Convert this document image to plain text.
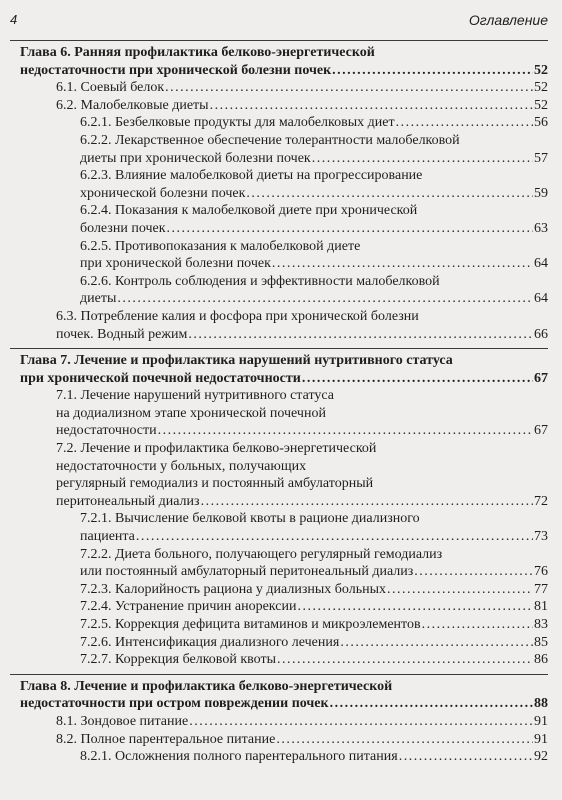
4	Оглавление
Глава 6. Ранняя профилактика белково-энергетической
недостаточности при хронической болезни почек . . .	52
6.1. Соевый белок . . .	52
6.2. Малобелковые диеты . . .	52
6.2.1. Безбелковые продукты для малобелковых диет . . .	56
6.2.2. Лекарственное обеспечение толерантности малобелковой
диеты при хронической болезни почек . . .	57
6.2.3. Влияние малобелковой диеты на прогрессирование
хронической болезни почек . . .	59
6.2.4. Показания к малобелковой диете при хронической
болезни почек . . .	63
6.2.5. Противопоказания к малобелковой диете
при хронической болезни почек . . .	64
6.2.6. Контроль соблюдения и эффективности малобелковой
диеты . . .	64
6.3. Потребление калия и фосфора при хронической болезни
почек. Водный режим . . .	66
Глава 7. Лечение и профилактика нарушений нутритивного статуса
при хронической почечной недостаточности . . .	67
7.1. Лечение нарушений нутритивного статуса
на додиализном этапе хронической почечной
недостаточности . . .	67
7.2. Лечение и профилактика белково-энергетической
недостаточности у больных, получающих
регулярный гемодиализ и постоянный амбулаторный
перитонеальный диализ . . .	72
7.2.1. Вычисление белковой квоты в рационе диализного
пациента . . .	73
7.2.2. Диета больного, получающего регулярный гемодиализ
или постоянный амбулаторный перитонеальный диализ . . .	76
7.2.3. Калорийность рациона у диализных больных . . .	77
7.2.4. Устранение причин анорексии . . .	81
7.2.5. Коррекция дефицита витаминов и микроэлементов . . .	83
7.2.6. Интенсификация диализного лечения . . .	85
7.2.7. Коррекция белковой квоты . . .	86
Глава 8. Лечение и профилактика белково-энергетической
недостаточности при остром повреждении почек . . .	88
8.1. Зондовое питание . . .	91
8.2. Полное парентеральное питание . . .	91
8.2.1. Осложнения полного парентерального питания . . .	92
